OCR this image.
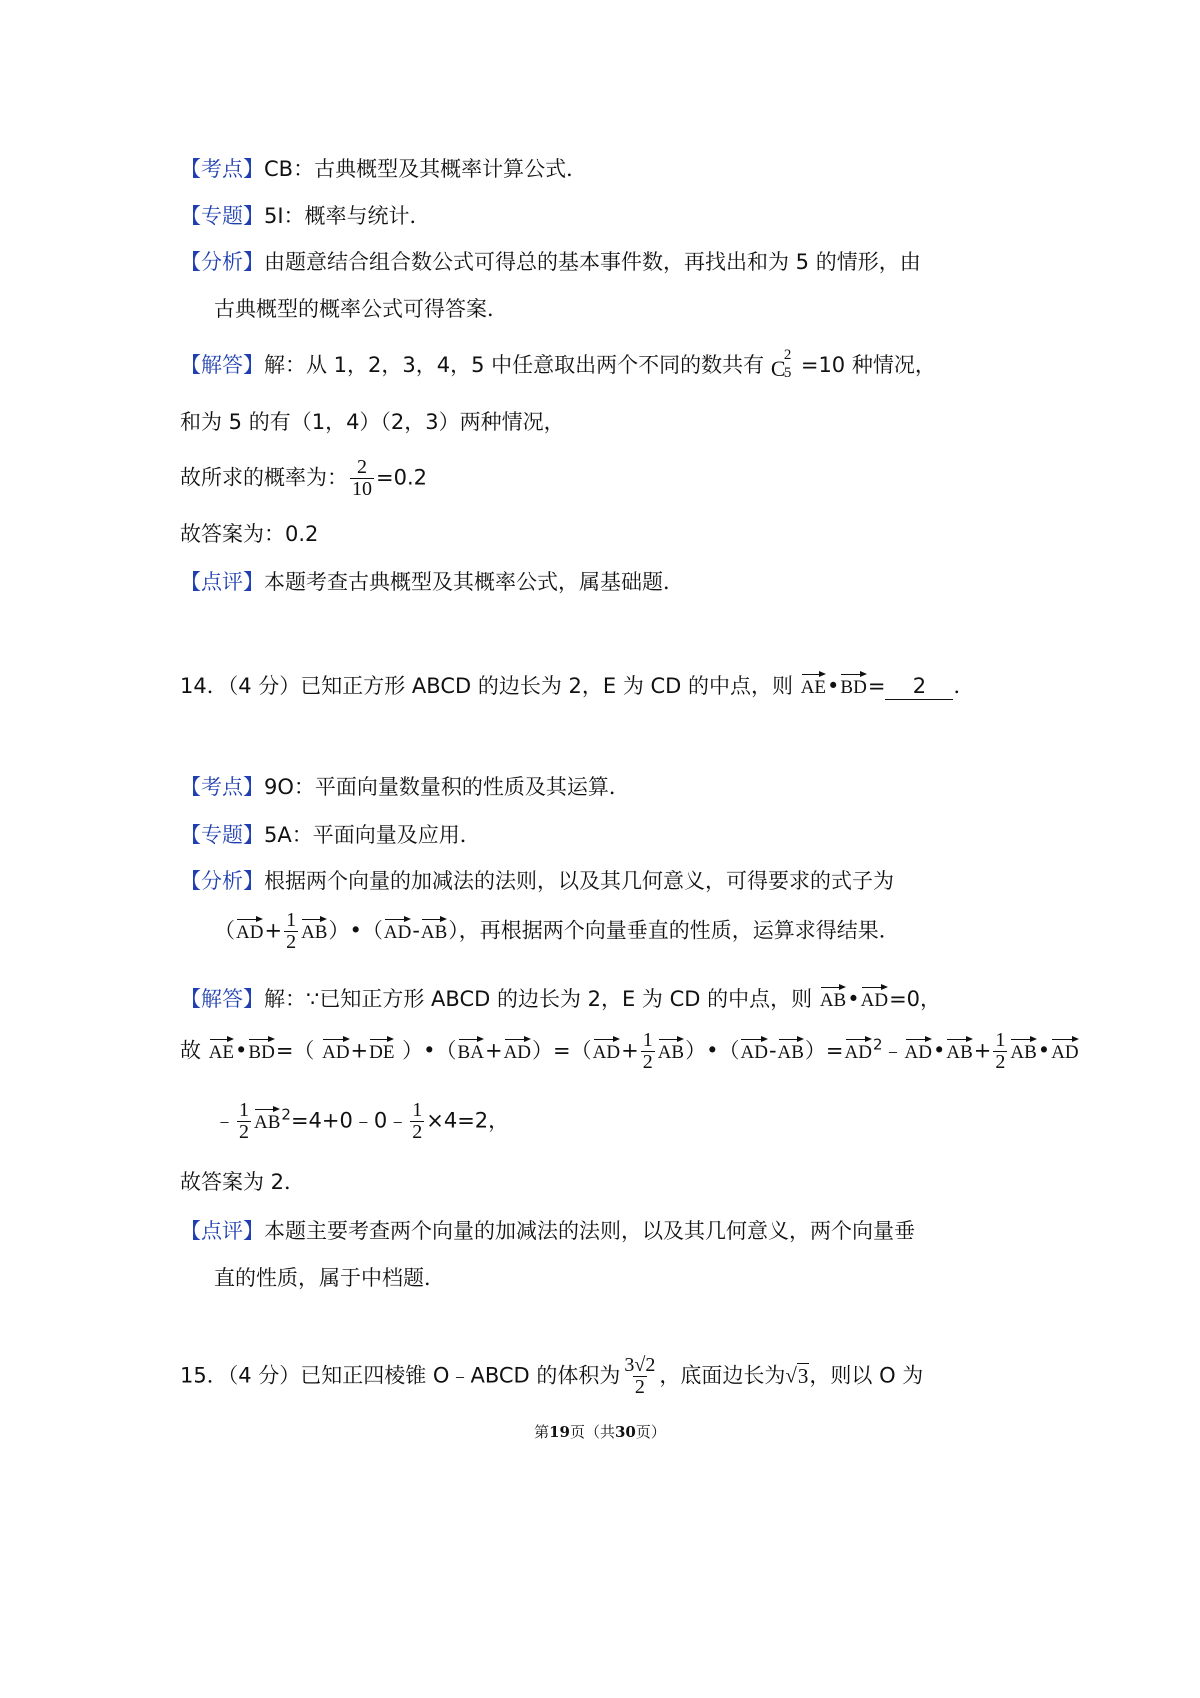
【考点】CB：古典概型及其概率计算公式．
【专题】5I：概率与统计．
【分析】由题意结合组合数公式可得总的基本事件数，再找出和为 5 的情形，由
古典概型的概率公式可得答案．
【解答】解：从 1，2，3，4，5 中任意取出两个不同的数共有 C
2
5 =10 种情况，
和为 5 的有（1，4）（2，3）两种情况，
故所求的概率为： $\frac{2}{10} =0.2$
故答案为：0.2
【点评】本题考查古典概型及其概率公式，属基础题．
14．（4 分）已知正方形 ABCD 的边长为 2，E 为 CD 的中点，则 AE•BD= 2 ．
【考点】9O：平面向量数量积的性质及其运算．
【专题】5A：平面向量及应用．
【分析】根据两个向量的加减法的法则，以及其几何意义，可得要求的式子为
（$AD+ \frac{1}{2}$ AB）•（AD-AB），再根据两个向量垂直的性质，运算求得结果．
【解答】解：∵已知正方形 ABCD 的边长为 2，E 为 CD 的中点，则 AB•AD=0，
故 AE•BD=（ AD+DE ）•（BA+AD）=（AD+ $\frac{1}{2}$ $AB)•(AD-AB)=AD^2﹣AD•AB+ \frac{1}{2}$ AB•AD
﹣ $\frac{1}{2}$ $AB^2=4+0﹣0﹣ \frac{1}{2} \times 4=2$，
故答案为 2．
【点评】本题主要考查两个向量的加减法的法则，以及其几何意义，两个向量垂
直的性质，属于中档题．
15．（4 分）已知正四棱锥 O﹣ABCD 的体积为 $\frac{3√2}{2}$ ，底面边长为√3，则以 O 为
第19页（共30页）
